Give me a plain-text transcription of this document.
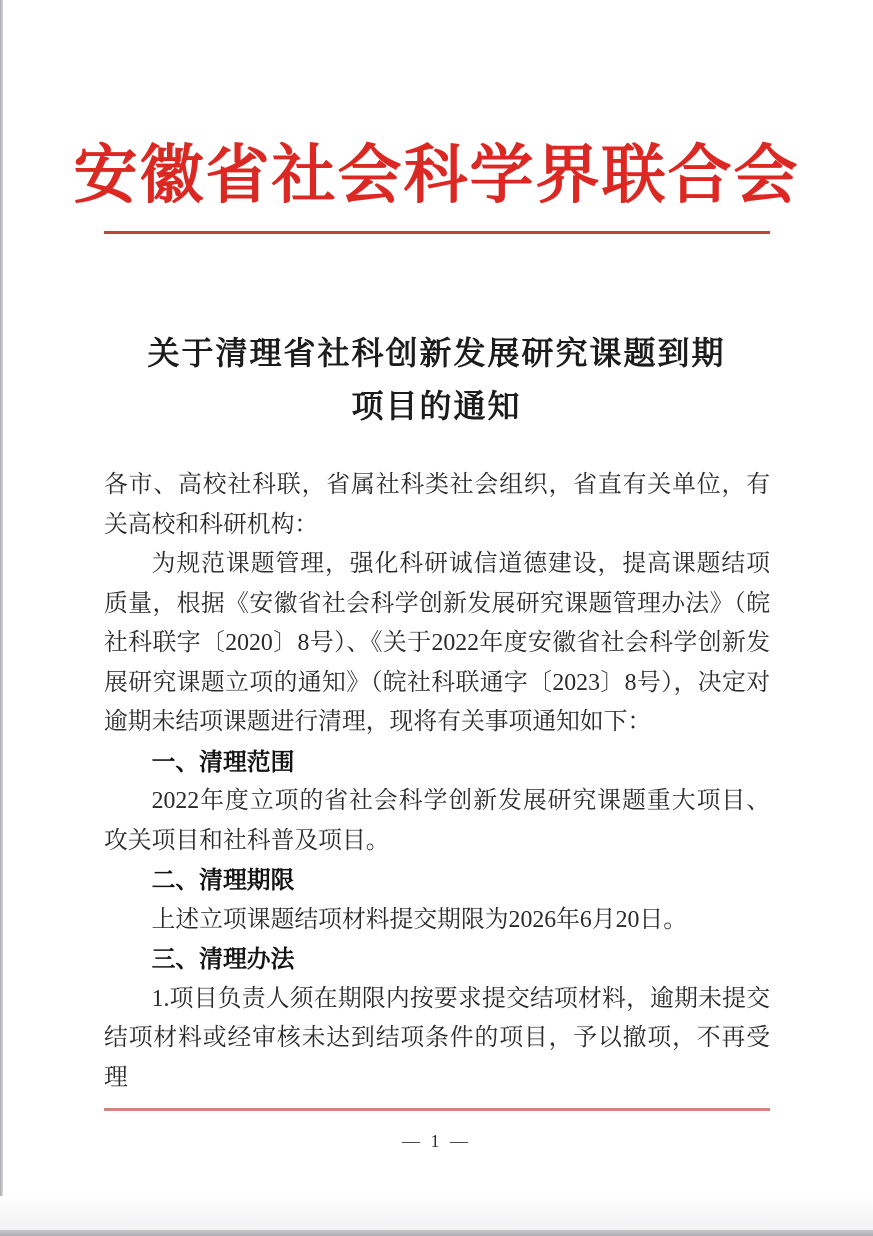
安徽省社会科学界联合会
关于清理省社科创新发展研究课题到期
项目的通知

各市、高校社科联，省属社科类社会组织，省直有关单位，有关高校和科研机构：

为规范课题管理，强化科研诚信道德建设，提高课题结项质量，根据《安徽省社会科学创新发展研究课题管理办法》（皖社科联字〔2020〕8号）、《关于2022年度安徽省社会科学创新发展研究课题立项的通知》（皖社科联通字〔2023〕8号），决定对逾期未结项课题进行清理，现将有关事项通知如下：

一、清理范围

2022年度立项的省社会科学创新发展研究课题重大项目、攻关项目和社科普及项目。

二、清理期限

上述立项课题结项材料提交期限为2026年6月20日。

三、清理办法

1.项目负责人须在期限内按要求提交结项材料，逾期未提交结项材料或经审核未达到结项条件的项目，予以撤项，不再受理

— 1 —
